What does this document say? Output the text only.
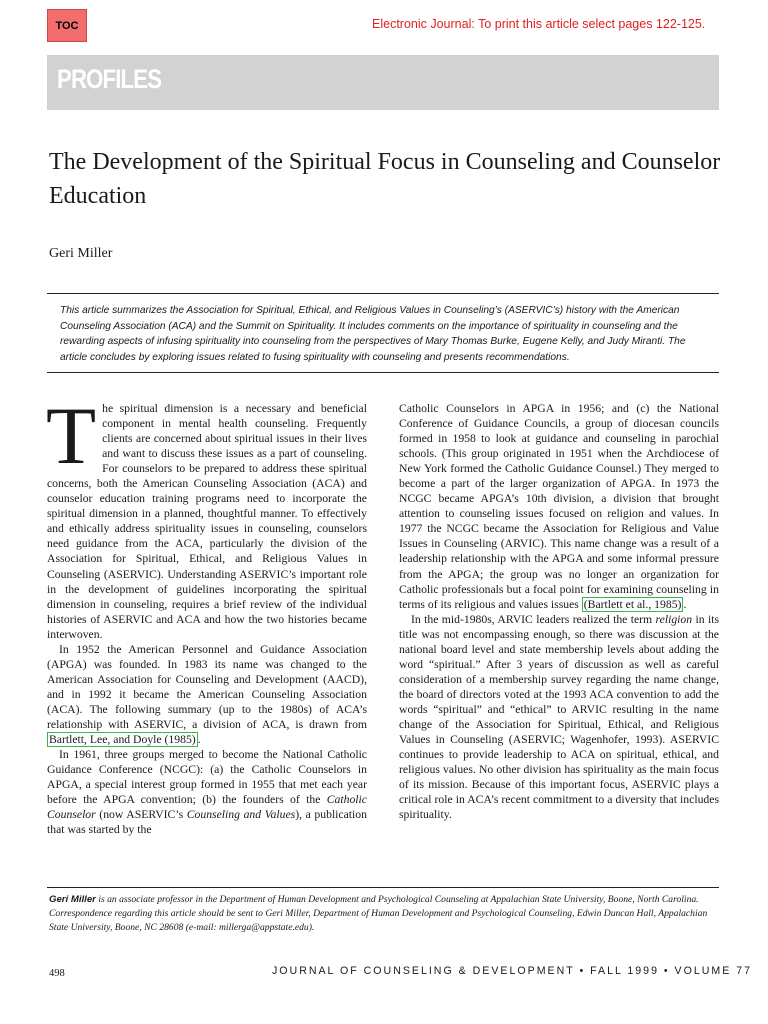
TOC	Electronic Journal: To print this article select pages 122-125.
PROFILES
The Development of the Spiritual Focus in Counseling and Counselor Education
Geri Miller
This article summarizes the Association for Spiritual, Ethical, and Religious Values in Counseling’s (ASERVIC’s) history with the American Counseling Association (ACA) and the Summit on Spirituality. It includes comments on the importance of spirituality in counseling and the rewarding aspects of infusing spirituality into counseling from the perspectives of Mary Thomas Burke, Eugene Kelly, and Judy Miranti. The article concludes by exploring issues related to fusing spirituality with counseling and presents recommendations.

The spiritual dimension is a necessary and beneficial component in mental health counseling. Frequently clients are concerned about spiritual issues in their lives and want to discuss these issues as a part of counseling. For counselors to be prepared to address these spiritual concerns, both the American Counseling Association (ACA) and counselor education training programs need to incorporate the spiritual dimension in a planned, thoughtful manner. To effectively and ethically address spirituality issues in counseling, counselors need guidance from the ACA, particularly the division of the Association for Spiritual, Ethical, and Religious Values in Counseling (ASERVIC). Understanding ASERVIC’s important role in the development of guidelines incorporating the spiritual dimension in counseling, requires a brief review of the individual histories of ASERVIC and ACA and how the two histories became interwoven.

In 1952 the American Personnel and Guidance Association (APGA) was founded. In 1983 its name was changed to the American Association for Counseling and Development (AACD), and in 1992 it became the American Counseling Association (ACA). The following summary (up to the 1980s) of ACA’s relationship with ASERVIC, a division of ACA, is drawn from Bartlett, Lee, and Doyle (1985) .

In 1961, three groups merged to become the National Catholic Guidance Conference (NCGC): (a) the Catholic Counselors in APGA, a special interest group formed in 1955 that met each year before the APGA convention; (b) the founders of the Catholic Counselor (now ASERVIC’s Counseling and Values), a publication that was started by the

Catholic Counselors in APGA in 1956; and (c) the National Conference of Guidance Councils, a group of diocesan councils formed in 1958 to look at guidance and counseling in parochial schools. (This group originated in 1951 when the Archdiocese of New York formed the Catholic Guidance Counsel.) They merged to become a part of the larger organization of APGA. In 1973 the NCGC became APGA’s 10th division, a division that brought attention to counseling issues focused on religion and values. In 1977 the NCGC became the Association for Religious and Value Issues in Counseling (ARVIC). This name change was a result of a leadership relationship with the APGA and some informal pressure from the APGA; the group was no longer an organization for Catholic professionals but a focal point for examining counseling in terms of its religious and values issues (Bartlett et al., 1985) .

In the mid-1980s, ARVIC leaders realized the term religion in its title was not encompassing enough, so there was discussion at the national board level and state membership levels about adding the word “spiritual.” After 3 years of discussion as well as careful consideration of a membership survey regarding the name change, the board of directors voted at the 1993 ACA convention to add the words “spiritual” and “ethical” to ARVIC resulting in the name change of the Association for Spiritual, Ethical, and Religious Values in Counseling (ASERVIC; Wagenhofer, 1993). ASERVIC continues to provide leadership to ACA on spiritual, ethical, and religious values. No other division has spirituality as the main focus of its mission. Because of this important focus, ASERVIC plays a critical role in ACA’s recent commitment to a diversity that includes spirituality.

Geri Miller is an associate professor in the Department of Human Development and Psychological Counseling at Appalachian State University, Boone, North Carolina. Correspondence regarding this article should be sent to Geri Miller, Department of Human Development and Psychological Counseling, Edwin Duncan Hall, Appalachian State University, Boone, NC 28608 (e-mail: millerga@appstate.edu).
498	JOURNAL OF COUNSELING & DEVELOPMENT • FALL 1999 • VOLUME 77
